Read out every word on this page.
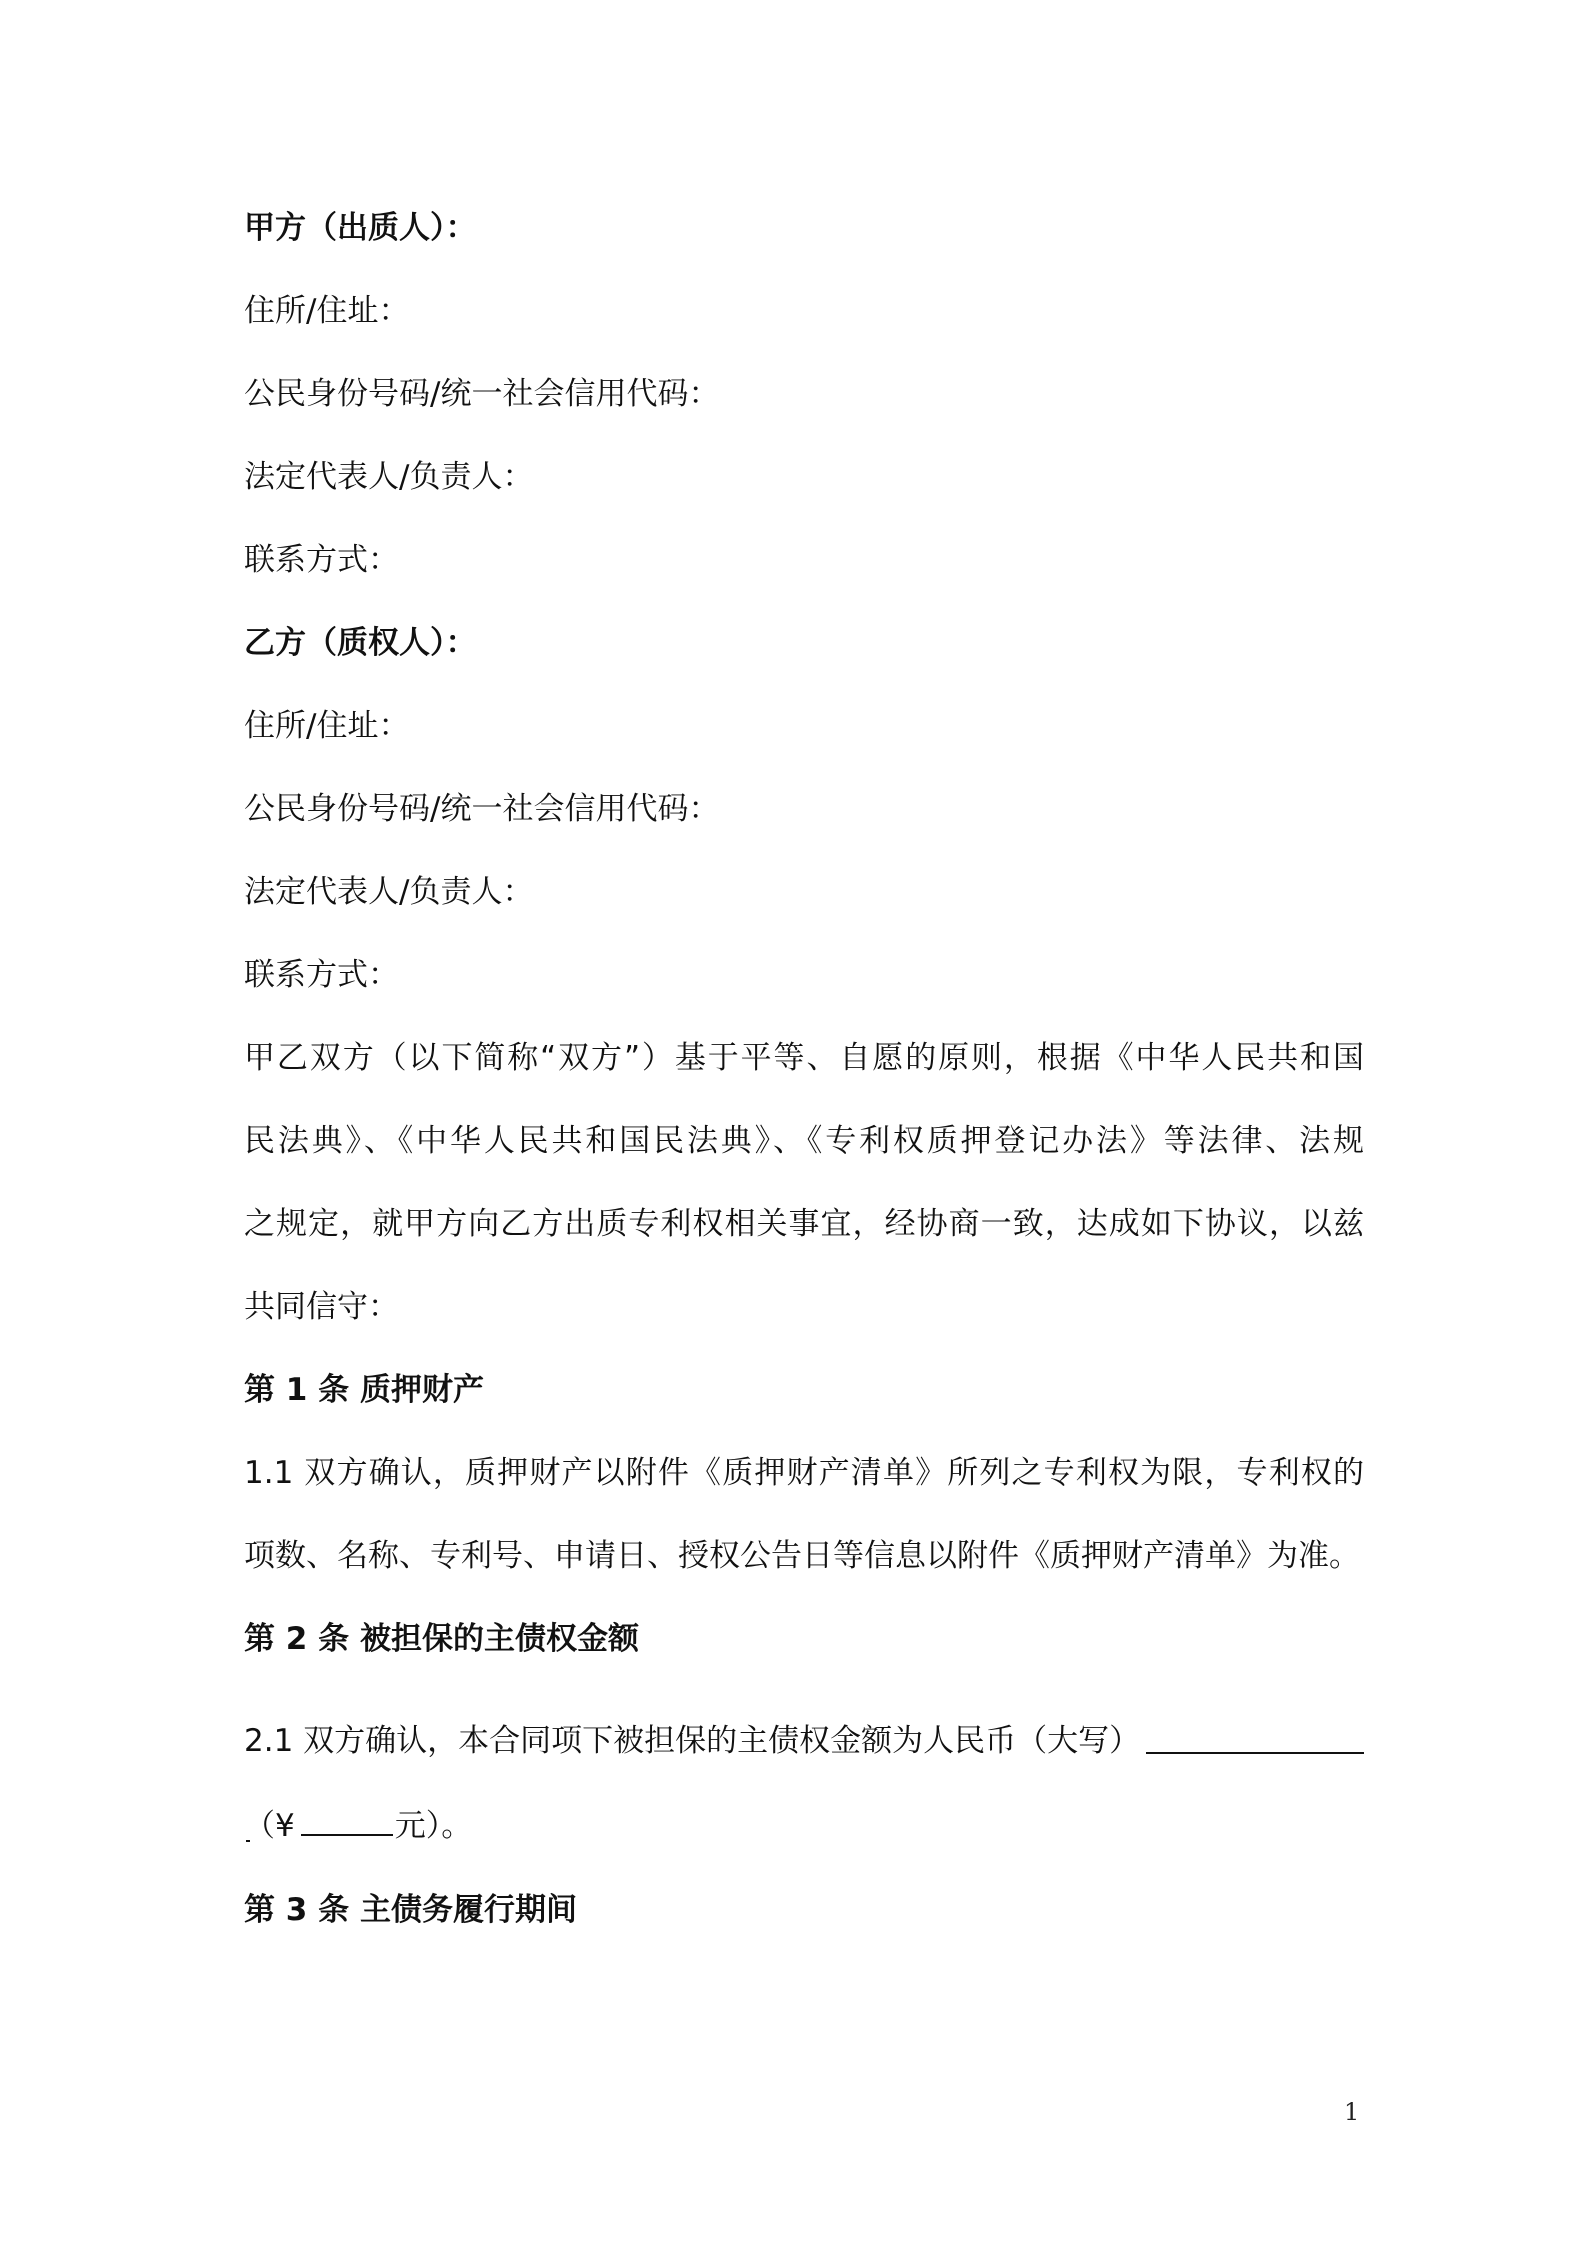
甲方（出质人）：
住所/住址：
公民身份号码/统一社会信用代码：
法定代表人/负责人：
联系方式：
乙方（质权人）：
住所/住址：
公民身份号码/统一社会信用代码：
法定代表人/负责人：
联系方式：
甲乙双方（以下简称“双方”）基于平等、自愿的原则，根据《中华人民共和国
民法典》、《中华人民共和国民法典》、《专利权质押登记办法》等法律、法规
之规定，就甲方向乙方出质专利权相关事宜，经协商一致，达成如下协议，以兹
共同信守：
第 1 条 质押财产
1.1 双方确认，质押财产以附件《质押财产清单》所列之专利权为限，专利权的
项数、名称、专利号、申请日、授权公告日等信息以附件《质押财产清单》为准。
第 2 条 被担保的主债权金额
2.1 双方确认，本合同项下被担保的主债权金额为人民币（大写）
（¥	元）。
第 3 条 主债务履行期间
1
